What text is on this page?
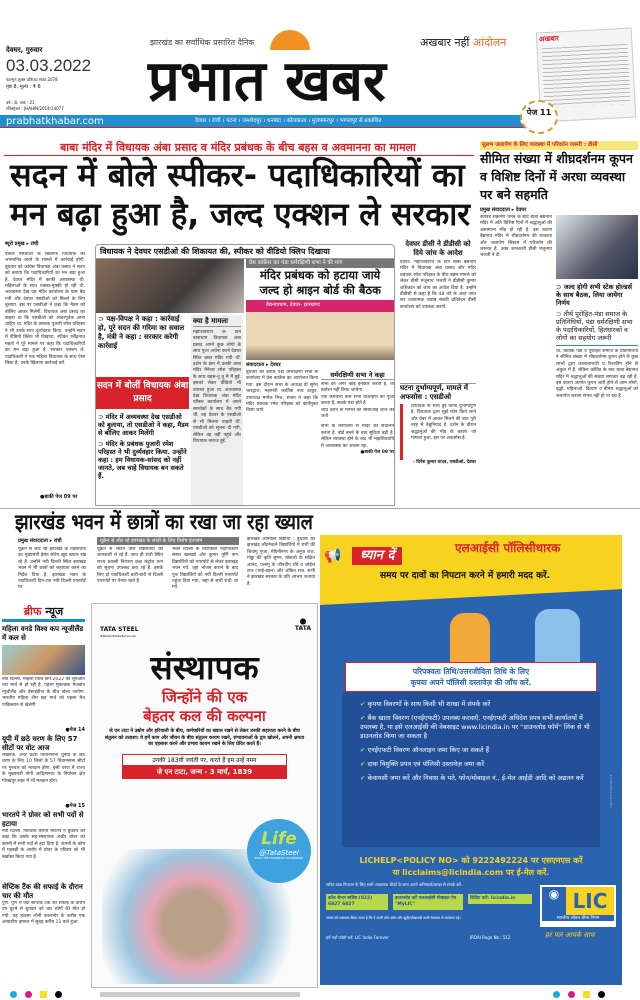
देवघर, गुरुवार
03.03.2022
फाल्गुन शुक्ल प्रतिपदा संवत 2078
पृष्ठ 8, मूल्य : ₹ 6
वर्ष : 8, अंक : 21
रजिस्ट्रेशन : JHAHIN/2014/14077
झारखंड का सर्वाधिक प्रसारित दैनिक
प्रभात खबर
अखबार नहीं आंदोलन	अखबार
prabhatkhabar.com	देवघर । रांची । पटना । जमशेदपुर । धनबाद । कोलकाता । मुजफ्फरपुर । भागलपुर से प्रकाशित
पेज 11
बाबा मंदिर में विधायक अंबा प्रसाद व मंदिर प्रबंधक के बीच बहस व अवमानना का मामला
सदन में बोले स्पीकर- पदाधिकारियों का
मन बढ़ा हुआ है, जल्द एक्शन ले सरकार
ब्यूरो प्रमुख ▸ रांची
देवघर एसडीओ के खिलाफ विधायक को अपमानित करने के मामले में कार्रवाई होगी. बुधवार को कांग्रेस विधायक अंबा प्रसाद ने सदन को बताया कि पदाधिकारियों का मन बढ़ा हुआ है. देवघर मंदिर में काफी अव्यवस्था थी. महिलाओं के साथ धक्का-मुक्की हो रही थी. अव्यवस्था देख वह मंदिर कार्यालय के पास बैठ गयी और देवघर एसडीओ को मिलने के लिए बुलाया. इस पर एसडीओ ने कहा कि मैडम को बोलिए आकर मिलेंगी. विधायक अंबा प्रसाद का कहना था कि एसडीओ को आदरपूर्वक आना चाहिए था. मंदिर के प्रबंधक पुजारी रमेश परिहस्त ने भी उनके साथ दुर्व्यवहार किया. उन्होंने सदन में वीडियो क्लिप भी दिखाया. स्पीकर रबींद्रनाथ महतो ने पूरे मामले पर कहा कि पदाधिकारियों का मन बढ़ा हुआ है. सरकार एक्शन ले. पदाधिकारी ने एक महिला विधायक के साथ ऐसा किया है. उनके खिलाफ कार्रवाई करें.
●बाकी पेज 09 पर
विधायक ने देवघर एसडीओ की शिकायत की, स्पीकर को वीडियो क्लिप दिखाया
⊃ पक्ष-विपक्ष ने कहा : कार्रवाई हो, पूरे सदन की गरिमा का सवाल है, मंत्री ने कहा : सरकार करेगी कार्रवाई
सदन में बोलीं विधायक अंबा प्रसाद
⊃ मंदिर में अव्यवस्था देख एसडीओ को बुलाया, तो एसडीओ ने कहा, मैडम से बोलिए आकर मिलेंगी
⊃ मंदिर के प्रबंधक पुजारी रमेश परिहस्त ने भी दुर्व्यवहार किया. उन्होंने कहा : हम विधायक-सांसद को नहीं जानते, जब चाहे विधायक बन सकते हैं.
क्या है मामला
महाशिवरात्रि के दिन बाबाधाम विधायक अंबा प्रसाद अपने कुछ लोगों के साथ पूजा अर्चना करने देवघर स्थित बाबा मंदिर गयी थीं. दर्शन के क्रम में उनकी बाबा मंदिर मैनेजर रमेश परिहस्त के साथ बहस-तू तू मैं मैं हुई. इसको लेकर वीडियो भी वायरल हुआ था. अव्यवस्था देख विधायक अंबा मंदिर परिसर कार्यालय में अपने समर्थकों के साथ बैठ गयी थीं. वह देवघर के एसडीओ से भी मिलना चाहती थीं. एसडीओ को सूचना दी गयी, लेकिन वह नहीं पहुंचे और विधायक नाराज हुईं.
प्रेस कांफ्रेंस कर पंडा धर्मरक्षिणी सभा ने की मांग
मंदिर प्रबंधक को हटाया जाये
जल्द हो श्राइन बोर्ड की बैठक
बैद्यनाथधाम, देवघर- झारखण्ड
संवाददाता ▸ देवघर
बुधवार को देवघर पंडा धर्मरक्षिणी सभा के कार्यालय में प्रेस कांफ्रेंस का आयोजन किया गया. इस दौरान सभा के अध्यक्ष डॉ सुरेश भारद्वाज, महामंत्री कार्तिक नाथ ठाकुर, उपाध्यक्ष मनोज मिश्र, संजय ने कहा कि मंदिर प्रबंधक रमेश परिहस्त को कार्यमुक्त किया जाये.
धर्मरक्षिणी सभा ने कहा
सभा को अगर कोई इनकार करता है, तो बर्दाश्त नहीं किया जायेगा
एक कर्मचारी कैसे सभी वीआइपी की पूजा करता है, सबके पंडा होते हैं
शीघ्र दर्शन के मामले की सीबीआइ जांच की जाये
सभा के कार्यालय से मंदिर का संचालन करता है. बोर्ड बनने के बाद सुविधा बढ़ी है. लेकिन व्यवस्था होने के बाद भी महाशिवरात्रि में अव्यवस्था का आलम रहा.
●बाकी पेज 09 पर
देवघर डीसी ने डीडीसी को दिये जांच के आदेश
देवघर. महाशिवरात्रि के दिन बाबा बैद्यनाथ मंदिर में विधायक अंबा प्रसाद और मंदिर प्रबंधक रमेश परिहस्त के बीच बहस मामले को लेकर डीसी मंजूनाथ भजंत्री ने डीडीसी कुमार शशिकांत को जांच का आदेश दिया है. उन्होंने डीडीसी से कहा है कि 48 घंटे के अंदर जांच कर तथ्यात्मक जवाब संबंधी प्रतिवेदन डीसी कार्यालय को उपलब्ध करायें.
घटना दुर्भाग्यपूर्ण, मामले में अफसोस : एसडीओ
विधायक के साथ हुई घटना दुर्भाग्यपूर्ण है. विधायक द्वारा मुझे फोन किये जाने और वेबर में आकर मिलने की बात पूरी तरह से बेबुनियाद है. दर्शन के दौरान श्रद्धालुओं की भीड़ के कारण जो मामला हुआ, इस पर अफसोस है.
- दिनेश कुमार यादव, एसडीओ, देवघर
सुलभ जलार्पण के लिए व्यवस्था में परिवर्तन जरूरी : डीसी
सीमित संख्या में शीघ्रदर्शनम कूपन व विशिष्ट दिनों में अरघा व्यवस्था पर बने सहमति
प्रमुख संवाददाता ▸ देवघर
कोविड संक्रमण थमने के बाद बाबा बैद्यनाथ मंदिर में अति विशिष्ट दिनों में श्रद्धालुओं की असामान्य भीड़ हो रही है. इस कारण बैद्यनाथ मंदिर में शीघ्रदर्शनम की व्यवस्था और जलार्पण सिस्टम में परिवर्तन की जरूरत है. उक्त जानकारी डीसी मंजूनाथ भजंत्री ने दी.
⊃ जल्द होगी सभी स्टेक होल्डर्स के साथ बैठक, लिया जायेगा निर्णय
⊃ तीर्थ पुरोहित-पंडा समाज के प्रतिनिधियों, पंडा धर्मरक्षिणी सभा के पदाधिकारियों, हितधारकों व लोगों का सहयोग जरूरी
थी, क्योंकि पंडा व पुरोहित समाज के प्रतिनिधियों ने सीमित संख्या में शीघ्रदर्शनम कूपन होने से कुछ लाभों द्वारा कालाबाजारी व रिश्वतिंग होने से अंकुश में हैं. लेकिन कोविड के बाद बाबा बैद्यनाथ मंदिर में श्रद्धालुओं की संख्या लगातार बढ़ रही है. इस कारण अंतर्गत कूपन जारी होने से आम लोगों, वृद्धों, महिलाओं, दिव्यांग व बीमार श्रद्धालुओं को जलार्पण कराना संभव नहीं हो पा रहा है.
झारखंड भवन में छात्रों का रखा जा रहा ख्याल
प्रमुख संवाददाता ▸ रांची	यूक्रेन से लौट रहे झारखंड के छात्रों के लिए विशेष इंतजाम
यूक्रेन से लौट रहे झारखंड के विद्यार्थियों का मुख्यमंत्री हेमंत सोरेन खुद ख्याल रख रहे हैं. उन्होंने नयी दिल्ली स्थित झारखंड भवन में भी छात्रों को सहायता करने का निर्देश दिया है. झारखंड भवन के पदाधिकारी दिन-रात नयी दिल्ली एयरपोर्ट पर
यूक्रेन से लौटने वाले विद्यार्थियों की जानकारी ले रहे हैं. साथ ही रांची स्थित राज्य प्रवासी नियंत्रण कक्ष कंट्रोल रूम को सूचना उपलब्ध करा रहे हैं. इसके लिए दो पदाधिकारी बारी-बारी से दिल्ली एयरपोर्ट पर तैनात रहते हैं.
भवन दिल्ली के प्रोटोकॉल पदाधिकारी संस्था खलखो और कुमार पूर्णि नाग विद्यार्थियों को एयरपोर्ट से लेकर झारखंड भवन गये. वहां भोजन कराने के बाद पुनः विद्यार्थियों को नयी दिल्ली एयरपोर्ट पहुंचा दिया गया, जहां से सभी रांची आ गये.
झारखंड आनेवाले विद्यार्थी : बुधवार को झारखंड लौटनेवाले विद्यार्थियों में रांची की शिवांगु गुप्ता, मेदिनीनगर के अनुज राज, गोड्डा की कृति सुमन, बोकारो के सक्षित आनंद, पलामू के जीवदीप रवि व जोहेल राज (भाई-बहन) और अंकित राज. सभी ने झारखंड सरकार के प्रति आभार जताया है.
ब्रीफ न्यूज
महिला वनडे विश्व कप न्यूजीलैंड में कल से
नयी दिल्ली. महिला विश्व कप 2022 की शुरुआत चार मार्च से हो रही है. पहला मुकाबला मेजबान न्यूजीलैंड और वेस्टइंडीज के बीच खेला जायेगा. भारतीय महिला टीम छह मार्च को पहला मैच पाकिस्तान से खेलेगी.
●पेज 14
यूपी में छठे चरण के लिए 57 सीटों पर वोट आज
लखनऊ. उत्तर प्रदेश विधानसभा चुनाव के छठे चरण के लिए 10 जिलों के 57 विधानसभा सीटों पर गुरुवार को मतदान होगा. इसी चरण में राज्य के मुख्यमंत्री योगी आदित्यनाथ के निर्वाचन क्षेत्र गोरखपुर शहर में भी मतदान होगा.
●पेज 15
भारतपे ने ग्रोवर को सभी पदों से हटाया
नयी दिल्ली. फिनटेक कंपनी भारतपे ने बुधवार को कहा कि उसके सह-संस्थापक अश्नीर ग्रोवर को कंपनी में सभी पदों से हटा दिया है. कंपनी के कोष में गड़बड़ी के आरोप में ग्रोवर के परिवार को भी बर्खास्त किया गया है.
सेप्टिक टैंक की सफाई के दौरान चार की मौत
पुणे. पुणे में एक सेप्टिक टैंक की सफाई के दौरान दम घुटने से बुधवार को चार लोगों की मौत हो गयी. यह हादसा लोनी कालभोर के करीब एक आवासीय इमारत में सुबह करीब 11 बजे हुआ.
TATA STEEL
#WeAlsoMakeTomorrow
⬤
TATA
संस्थापक
जिन्होंने की एक
बेहतर कल की कल्पना
जे एन टाटा ने उद्योग और हरियाली के बीच, कर्मचारियों का ख्याल रखने से लेकर उनकी सहायता करने के बीच संतुलन को तलाशा। वे हमें काम और जीवन के बीच संतुलन कायम रखने, संभावनाओं के द्वार खोलने, अपनी क्षमता का एहसास करने और प्रभाव कायम रखने के लिए प्रेरित करते हैं।
उनकी 183वीं जयंती पर, करते हैं हम उन्हें नमन
जे एन टाटा, जन्म - 3 मार्च, 1839
Life
@TataSteel
BUILD THE TOMORROW YOU DESERVE
📢	ध्यान दें	एलआईसी पॉलिसीधारक
समय पर दावों का निपटान करने में हमारी मदद करें.
परिपक्वता तिथि/उत्तरजीविता तिथि के लिए
कृपया अपने पॉलिसी दस्तावेज़ की जाँच करें.
✔ कृपया विवरणों के साथ किसी भी शाखा में संपर्क करें
✔ बैंक खाता विवरण (एनईएफटी) उपलब्ध करवाएँ. एनईएफटी अधिदेश प्रपत्र सभी कार्यालयों में उपलब्ध है, या इसे एलआईसी की वेबसाइट www.licindia.in पर ''डाउनलोड फॉर्म'' लिंक से भी डाउनलोड किया जा सकता है
✔ एनईएफटी विवरण ऑनलाइन जमा किए जा सकते हैं
✔ दावा विमुक्ति प्रपत्र एवं पॉलिसी दस्तावेज़ जमा करें
✔ केवायसी जमा करें और निवास के पते, फोन/मोबाइल नं., ई-मेल आईडी आदि को अद्यतन करें
LICHELP<POLICY NO> को 9222492224 पर एसएमएस करें
या licclaims@licindia.com पर ई-मेल करें.
त्वरित दावा निपटान के लिए सभी आवश्यक चीज़ों के साथ अपने अभिकर्ता/शाखा से संपर्क करें.
कॉल सेन्टर सर्विस (022) 6827 6827
डाउनलोड करें एलआईसी मोबाइल ऐप "MyLIC"
विजिट करें: licindia.in
जनता को सावधान किया जाता है कि वे फर्जी फोन कॉल और झूठी/धोखाधड़ी वाली पेशकश से सावधान रहें।
हमें यहाँ फॉलो करें: LIC India Forever	IRDAI Regn No.: 512
◉ LIC
भारतीय जीवन बीमा निगम
हर पल आपके साथ
LIC/PR/2021-22/47Hin
